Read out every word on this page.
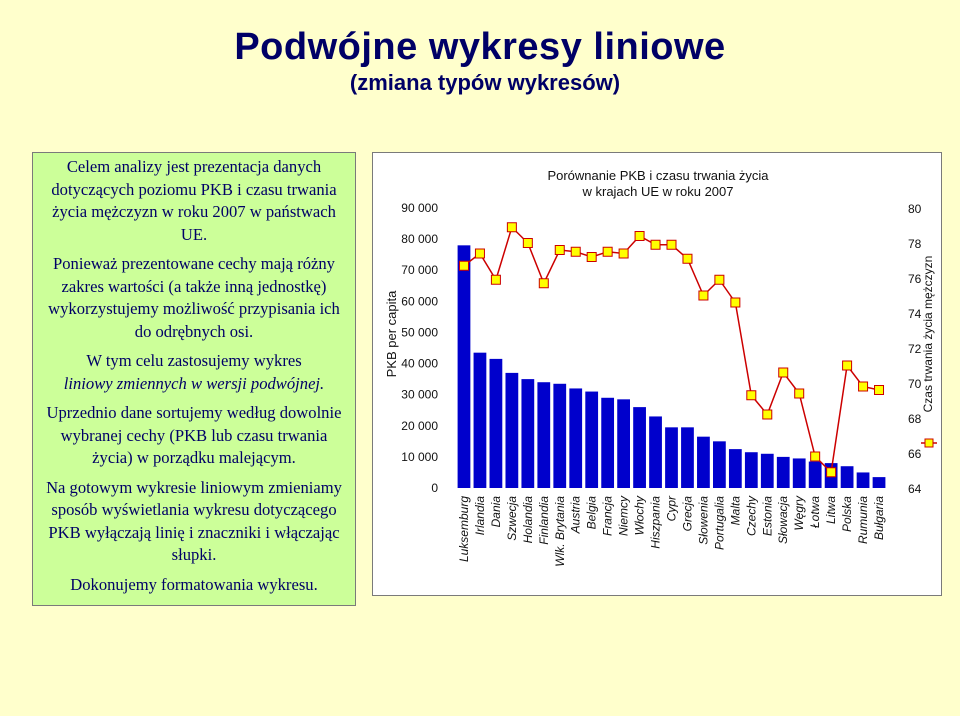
Podwójne wykresy liniowe
(zmiana typów wykresów)

Celem analizy jest prezentacja danych dotyczących poziomu PKB i czasu trwania życia mężczyzn w roku 2007 w państwach UE.

Ponieważ prezentowane cechy mają różny zakres wartości (a także inną jednostkę) wykorzystujemy możliwość przypisania ich do odrębnych osi.

W tym celu zastosujemy wykres
liniowy zmiennych w wersji podwójnej.

Uprzednio dane sortujemy według dowolnie wybranej cechy (PKB lub czasu trwania życia) w porządku malejącym.

Na gotowym wykresie liniowym zmieniamy sposób wyświetlania wykresu dotyczącego PKB wyłączają linię i znaczniki i włączając słupki.

Dokonujemy formatowania wykresu.

Porównanie PKB i czasu trwania życia
w krajach UE w roku 2007
PKB per capita	Czas trwania życia mężczyzn
0
10 000
20 000
30 000
40 000
50 000
60 000
70 000
80 000
90 000
64
66
68
70
72
74
76
78
80
Luksemburg Irlandia Dania Szwecja Holandia Finlandia Wlk. Brytania Austria Belgia Francja Niemcy Włochy Hiszpania Cypr Grecja Słowenia Portugalia Malta Czechy Estonia Słowacja Węgry Łotwa Litwa Polska Rumunia Bułgaria
